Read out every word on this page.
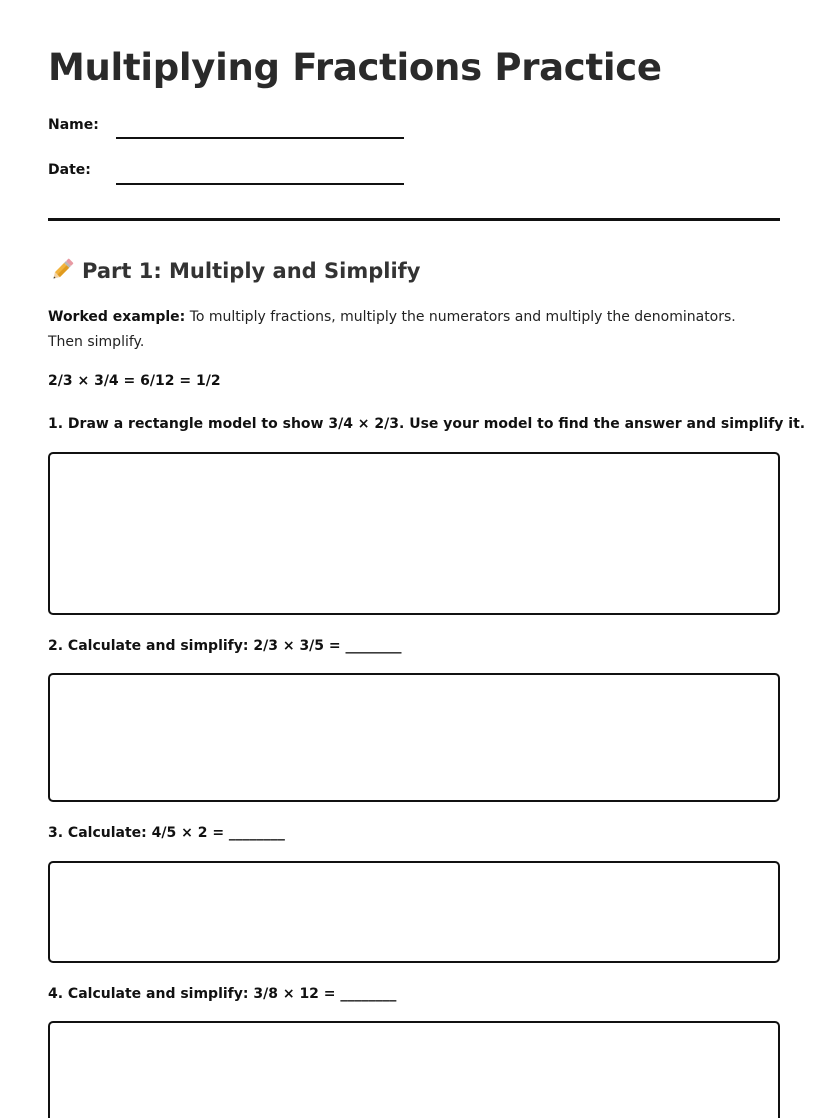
Multiplying Fractions Practice
Name:
Date:
Part 1: Multiply and Simplify
Worked example: To multiply fractions, multiply the numerators and multiply the denominators. Then simplify.
2/3 × 3/4 = 6/12 = 1/2
1. Draw a rectangle model to show 3/4 × 2/3. Use your model to find the answer and simplify it.
2. Calculate and simplify: 2/3 × 3/5 = ________
3. Calculate: 4/5 × 2 = ________
4. Calculate and simplify: 3/8 × 12 = ________
